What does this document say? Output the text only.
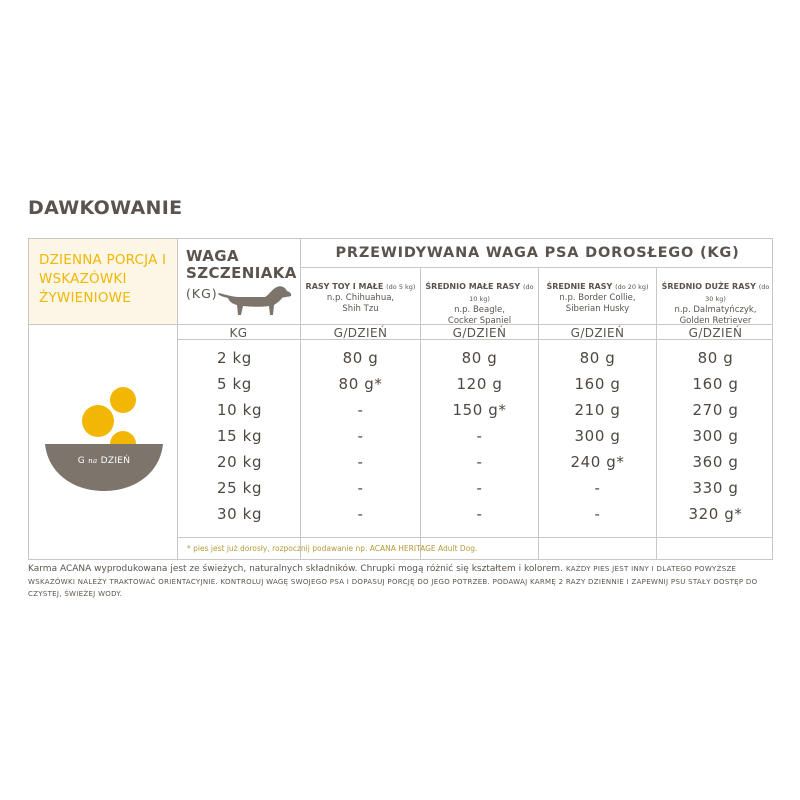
DAWKOWANIE
DZIENNA PORCJA I WSKAZÓWKI ŻYWIENIOWE
WAGA
SZCZENIAKA
(KG)
PRZEWIDYWANA WAGA PSA DOROSŁEGO (KG)
RASY TOY I MAŁE (do 5 kg)
n.p. Chihuahua,
Shih Tzu
ŚREDNIO MAŁE RASY (do 10 kg)
n.p. Beagle,
Cocker Spaniel
ŚREDNIE RASY (do 20 kg)
n.p. Border Collie,
Siberian Husky
ŚREDNIO DUŻE RASY (do 30 kg)
n.p. Dalmatyńczyk,
Golden Retriever
KG	G/DZIEŃ	G/DZIEŃ	G/DZIEŃ	G/DZIEŃ
G na DZIEŃ
2 kg	80 g	80 g	80 g	80 g
5 kg	80 g*	120 g	160 g	160 g
10 kg	-	150 g*	210 g	270 g
15 kg	-	-	300 g	300 g
20 kg	-	-	240 g*	360 g
25 kg	-	-	-	330 g
30 kg	-	-	-	320 g*
* pies jest już dorosły, rozpocznij podawanie np. ACANA HERITAGE Adult Dog.
Karma ACANA wyprodukowana jest ze świeżych, naturalnych składników. Chrupki mogą różnić się kształtem i kolorem. KAŻDY PIES JEST INNY I DLATEGO POWYŻSZE WSKAZÓWKI NALEŻY TRAKTOWAĆ ORIENTACYJNIE. KONTROLUJ WAGĘ SWOJEGO PSA I DOPASUJ PORCJĘ DO JEGO POTRZEB. PODAWAJ KARMĘ 2 RAZY DZIENNIE I ZAPEWNIJ PSU STAŁY DOSTĘP DO CZYSTEJ, ŚWIEŻEJ WODY.
